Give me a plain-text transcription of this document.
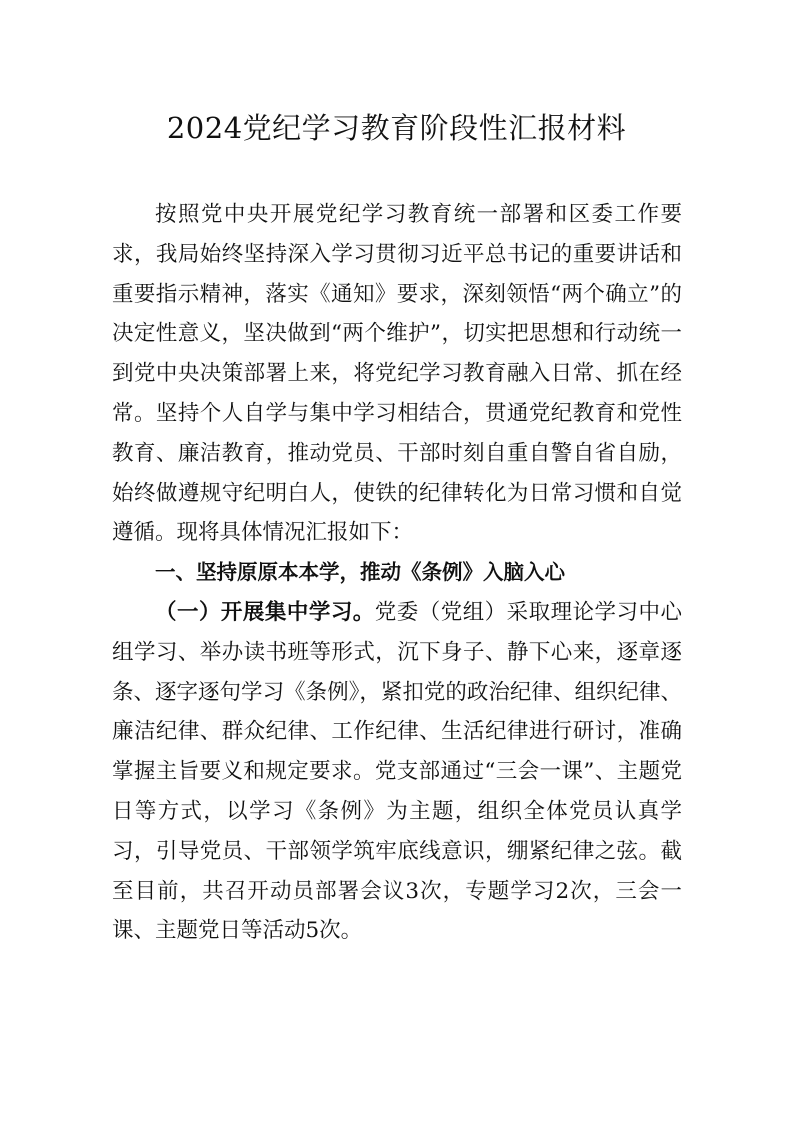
2024党纪学习教育阶段性汇报材料

按照党中央开展党纪学习教育统一部署和区委工作要求，我局始终坚持深入学习贯彻习近平总书记的重要讲话和重要指示精神，落实《通知》要求，深刻领悟“两个确立”的决定性意义，坚决做到“两个维护”，切实把思想和行动统一到党中央决策部署上来，将党纪学习教育融入日常、抓在经常。坚持个人自学与集中学习相结合，贯通党纪教育和党性教育、廉洁教育，推动党员、干部时刻自重自警自省自励，始终做遵规守纪明白人，使铁的纪律转化为日常习惯和自觉遵循。现将具体情况汇报如下：

一、坚持原原本本学，推动《条例》入脑入心

（一）开展集中学习。党委（党组）采取理论学习中心组学习、举办读书班等形式，沉下身子、静下心来，逐章逐条、逐字逐句学习《条例》，紧扣党的政治纪律、组织纪律、廉洁纪律、群众纪律、工作纪律、生活纪律进行研讨，准确掌握主旨要义和规定要求。党支部通过“三会一课”、主题党日等方式，以学习《条例》为主题，组织全体党员认真学习，引导党员、干部领学筑牢底线意识，绷紧纪律之弦。截至目前，共召开动员部署会议3次，专题学习2次，三会一课、主题党日等活动5次。
